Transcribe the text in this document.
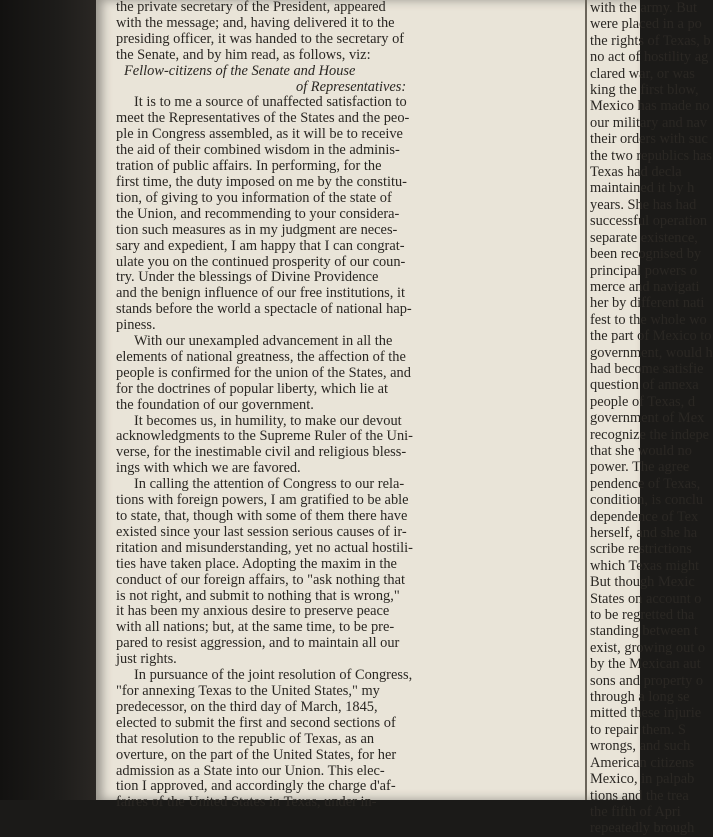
the private secretary of the President, appeared
with the message; and, having delivered it to the
presiding officer, it was handed to the secretary of
the Senate, and by him read, as follows, viz:
Fellow-citizens of the Senate and House
of Representatives:
It is to me a source of unaffected satisfaction to
meet the Representatives of the States and the peo-
ple in Congress assembled, as it will be to receive
the aid of their combined wisdom in the adminis-
tration of public affairs. In performing, for the
first time, the duty imposed on me by the constitu-
tion, of giving to you information of the state of
the Union, and recommending to your considera-
tion such measures as in my judgment are neces-
sary and expedient, I am happy that I can congrat-
ulate you on the continued prosperity of our coun-
try. Under the blessings of Divine Providence
and the benign influence of our free institutions, it
stands before the world a spectacle of national hap-
piness.
With our unexampled advancement in all the
elements of national greatness, the affection of the
people is confirmed for the union of the States, and
for the doctrines of popular liberty, which lie at
the foundation of our government.
It becomes us, in humility, to make our devout
acknowledgments to the Supreme Ruler of the Uni-
verse, for the inestimable civil and religious bless-
ings with which we are favored.
In calling the attention of Congress to our rela-
tions with foreign powers, I am gratified to be able
to state, that, though with some of them there have
existed since your last session serious causes of ir-
ritation and misunderstanding, yet no actual hostili-
ties have taken place. Adopting the maxim in the
conduct of our foreign affairs, to "ask nothing that
is not right, and submit to nothing that is wrong,"
it has been my anxious desire to preserve peace
with all nations; but, at the same time, to be pre-
pared to resist aggression, and to maintain all our
just rights.
In pursuance of the joint resolution of Congress,
"for annexing Texas to the United States," my
predecessor, on the third day of March, 1845,
elected to submit the first and second sections of
that resolution to the republic of Texas, as an
overture, on the part of the United States, for her
admission as a State into our Union. This elec-
tion I approved, and accordingly the charge d'af-
faires of the United States in Texas, under in-
with the army. But
were placed in a po
the rights of Texas, b
no act of hostility ag
clared war, or was
king the first blow,
Mexico has made no
our military and nav
their orders with suc
the two republics has
Texas had decla
maintained it by h
years. She has had
successful operation
separate existence,
been recognised by
principal powers o
merce and navigati
her by different nati
fest to the whole wo
the part of Mexico to
government, would h
had become satisfie
question of annexa
people of Texas, d
government of Mex
recognize the indepe
that she would no
power. The agree
pendence of Texas,
condition, is conclu
dependence of Tex
herself, and she ha
scribe restrictions
which Texas might
But though Mexic
States on account o
to be regretted tha
standing between t
exist, growing out o
by the Mexican aut
sons and property o
through a long se
mitted these injurie
to repair them. S
wrongs, and such
American citizens
Mexico, in palpab
tions and the trea
the fifth of Apri
repeatedly brough
